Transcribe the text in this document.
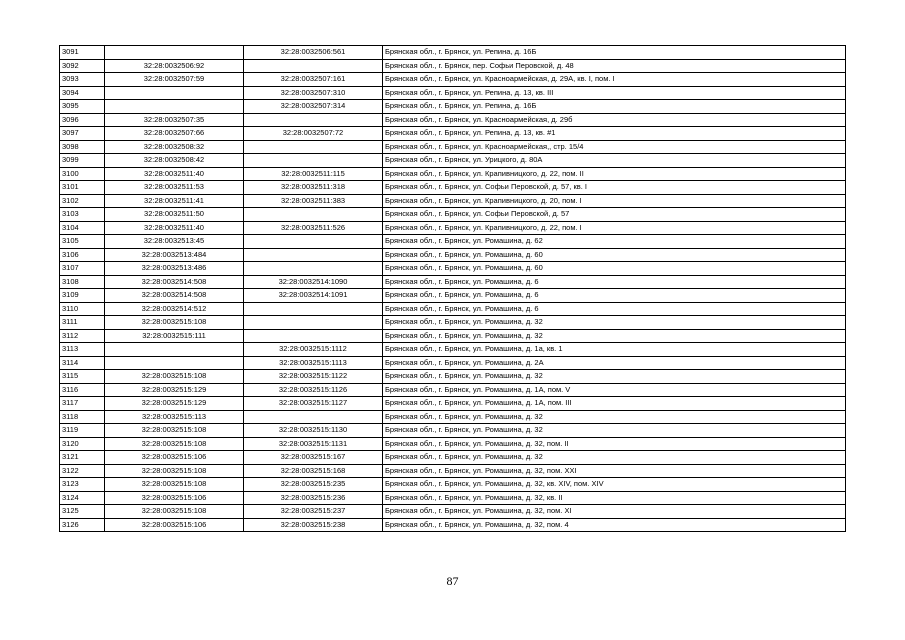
3091		32:28:0032506:561	Брянская обл., г. Брянск, ул. Репина, д. 16Б
3092	32:28:0032506:92		Брянская обл., г. Брянск, пер. Софьи Перовской, д. 48
3093	32:28:0032507:59	32:28:0032507:161	Брянская обл., г. Брянск, ул. Красноармейская, д. 29А, кв. I, пом. I
3094		32:28:0032507:310	Брянская обл., г. Брянск, ул. Репина, д. 13, кв. III
3095		32:28:0032507:314	Брянская обл., г. Брянск, ул. Репина, д. 16Б
3096	32:28:0032507:35		Брянская обл., г. Брянск, ул. Красноармейская, д. 29б
3097	32:28:0032507:66	32:28:0032507:72	Брянская обл., г. Брянск, ул. Репина, д. 13, кв. #1
3098	32:28:0032508:32		Брянская обл., г. Брянск, ул. Красноармейская,, стр. 15/4
3099	32:28:0032508:42		Брянская обл., г. Брянск, ул. Урицкого, д. 80А
3100	32:28:0032511:40	32:28:0032511:115	Брянская обл., г. Брянск, ул. Крапивницкого, д. 22, пом. II
3101	32:28:0032511:53	32:28:0032511:318	Брянская обл., г. Брянск, ул. Софьи Перовской, д. 57, кв. I
3102	32:28:0032511:41	32:28:0032511:383	Брянская обл., г. Брянск, ул. Крапивницкого, д. 20, пом. I
3103	32:28:0032511:50		Брянская обл., г. Брянск, ул. Софьи Перовской, д. 57
3104	32:28:0032511:40	32:28:0032511:526	Брянская обл., г. Брянск, ул. Крапивницкого, д. 22, пом. I
3105	32:28:0032513:45		Брянская обл., г. Брянск, ул. Ромашина, д. 62
3106	32:28:0032513:484		Брянская обл., г. Брянск, ул. Ромашина, д. 60
3107	32:28:0032513:486		Брянская обл., г. Брянск, ул. Ромашина, д. 60
3108	32:28:0032514:508	32:28:0032514:1090	Брянская обл., г. Брянск, ул. Ромашина, д. 6
3109	32:28:0032514:508	32:28:0032514:1091	Брянская обл., г. Брянск, ул. Ромашина, д. 6
3110	32:28:0032514:512		Брянская обл., г. Брянск, ул. Ромашина, д. 6
3111	32:28:0032515:108		Брянская обл., г. Брянск, ул. Ромашина, д. 32
3112	32:28:0032515:111		Брянская обл., г. Брянск, ул. Ромашина, д. 32
3113		32:28:0032515:1112	Брянская обл., г. Брянск, ул. Ромашина, д. 1а, кв. 1
3114		32:28:0032515:1113	Брянская обл., г. Брянск, ул. Ромашина, д. 2А
3115	32:28:0032515:108	32:28:0032515:1122	Брянская обл., г. Брянск, ул. Ромашина, д. 32
3116	32:28:0032515:129	32:28:0032515:1126	Брянская обл., г. Брянск, ул. Ромашина, д. 1А, пом. V
3117	32:28:0032515:129	32:28:0032515:1127	Брянская обл., г. Брянск, ул. Ромашина, д. 1А, пом. III
3118	32:28:0032515:113		Брянская обл., г. Брянск, ул. Ромашина, д. 32
3119	32:28:0032515:108	32:28:0032515:1130	Брянская обл., г. Брянск, ул. Ромашина, д. 32
3120	32:28:0032515:108	32:28:0032515:1131	Брянская обл., г. Брянск, ул. Ромашина, д. 32, пом. II
3121	32:28:0032515:106	32:28:0032515:167	Брянская обл., г. Брянск, ул. Ромашина, д. 32
3122	32:28:0032515:108	32:28:0032515:168	Брянская обл., г. Брянск, ул. Ромашина, д. 32, пом. XXI
3123	32:28:0032515:108	32:28:0032515:235	Брянская обл., г. Брянск, ул. Ромашина, д. 32, кв. XIV, пом. XIV
3124	32:28:0032515:106	32:28:0032515:236	Брянская обл., г. Брянск, ул. Ромашина, д. 32, кв. II
3125	32:28:0032515:108	32:28:0032515:237	Брянская обл., г. Брянск, ул. Ромашина, д. 32, пом. XI
3126	32:28:0032515:106	32:28:0032515:238	Брянская обл., г. Брянск, ул. Ромашина, д. 32, пом. 4
87
